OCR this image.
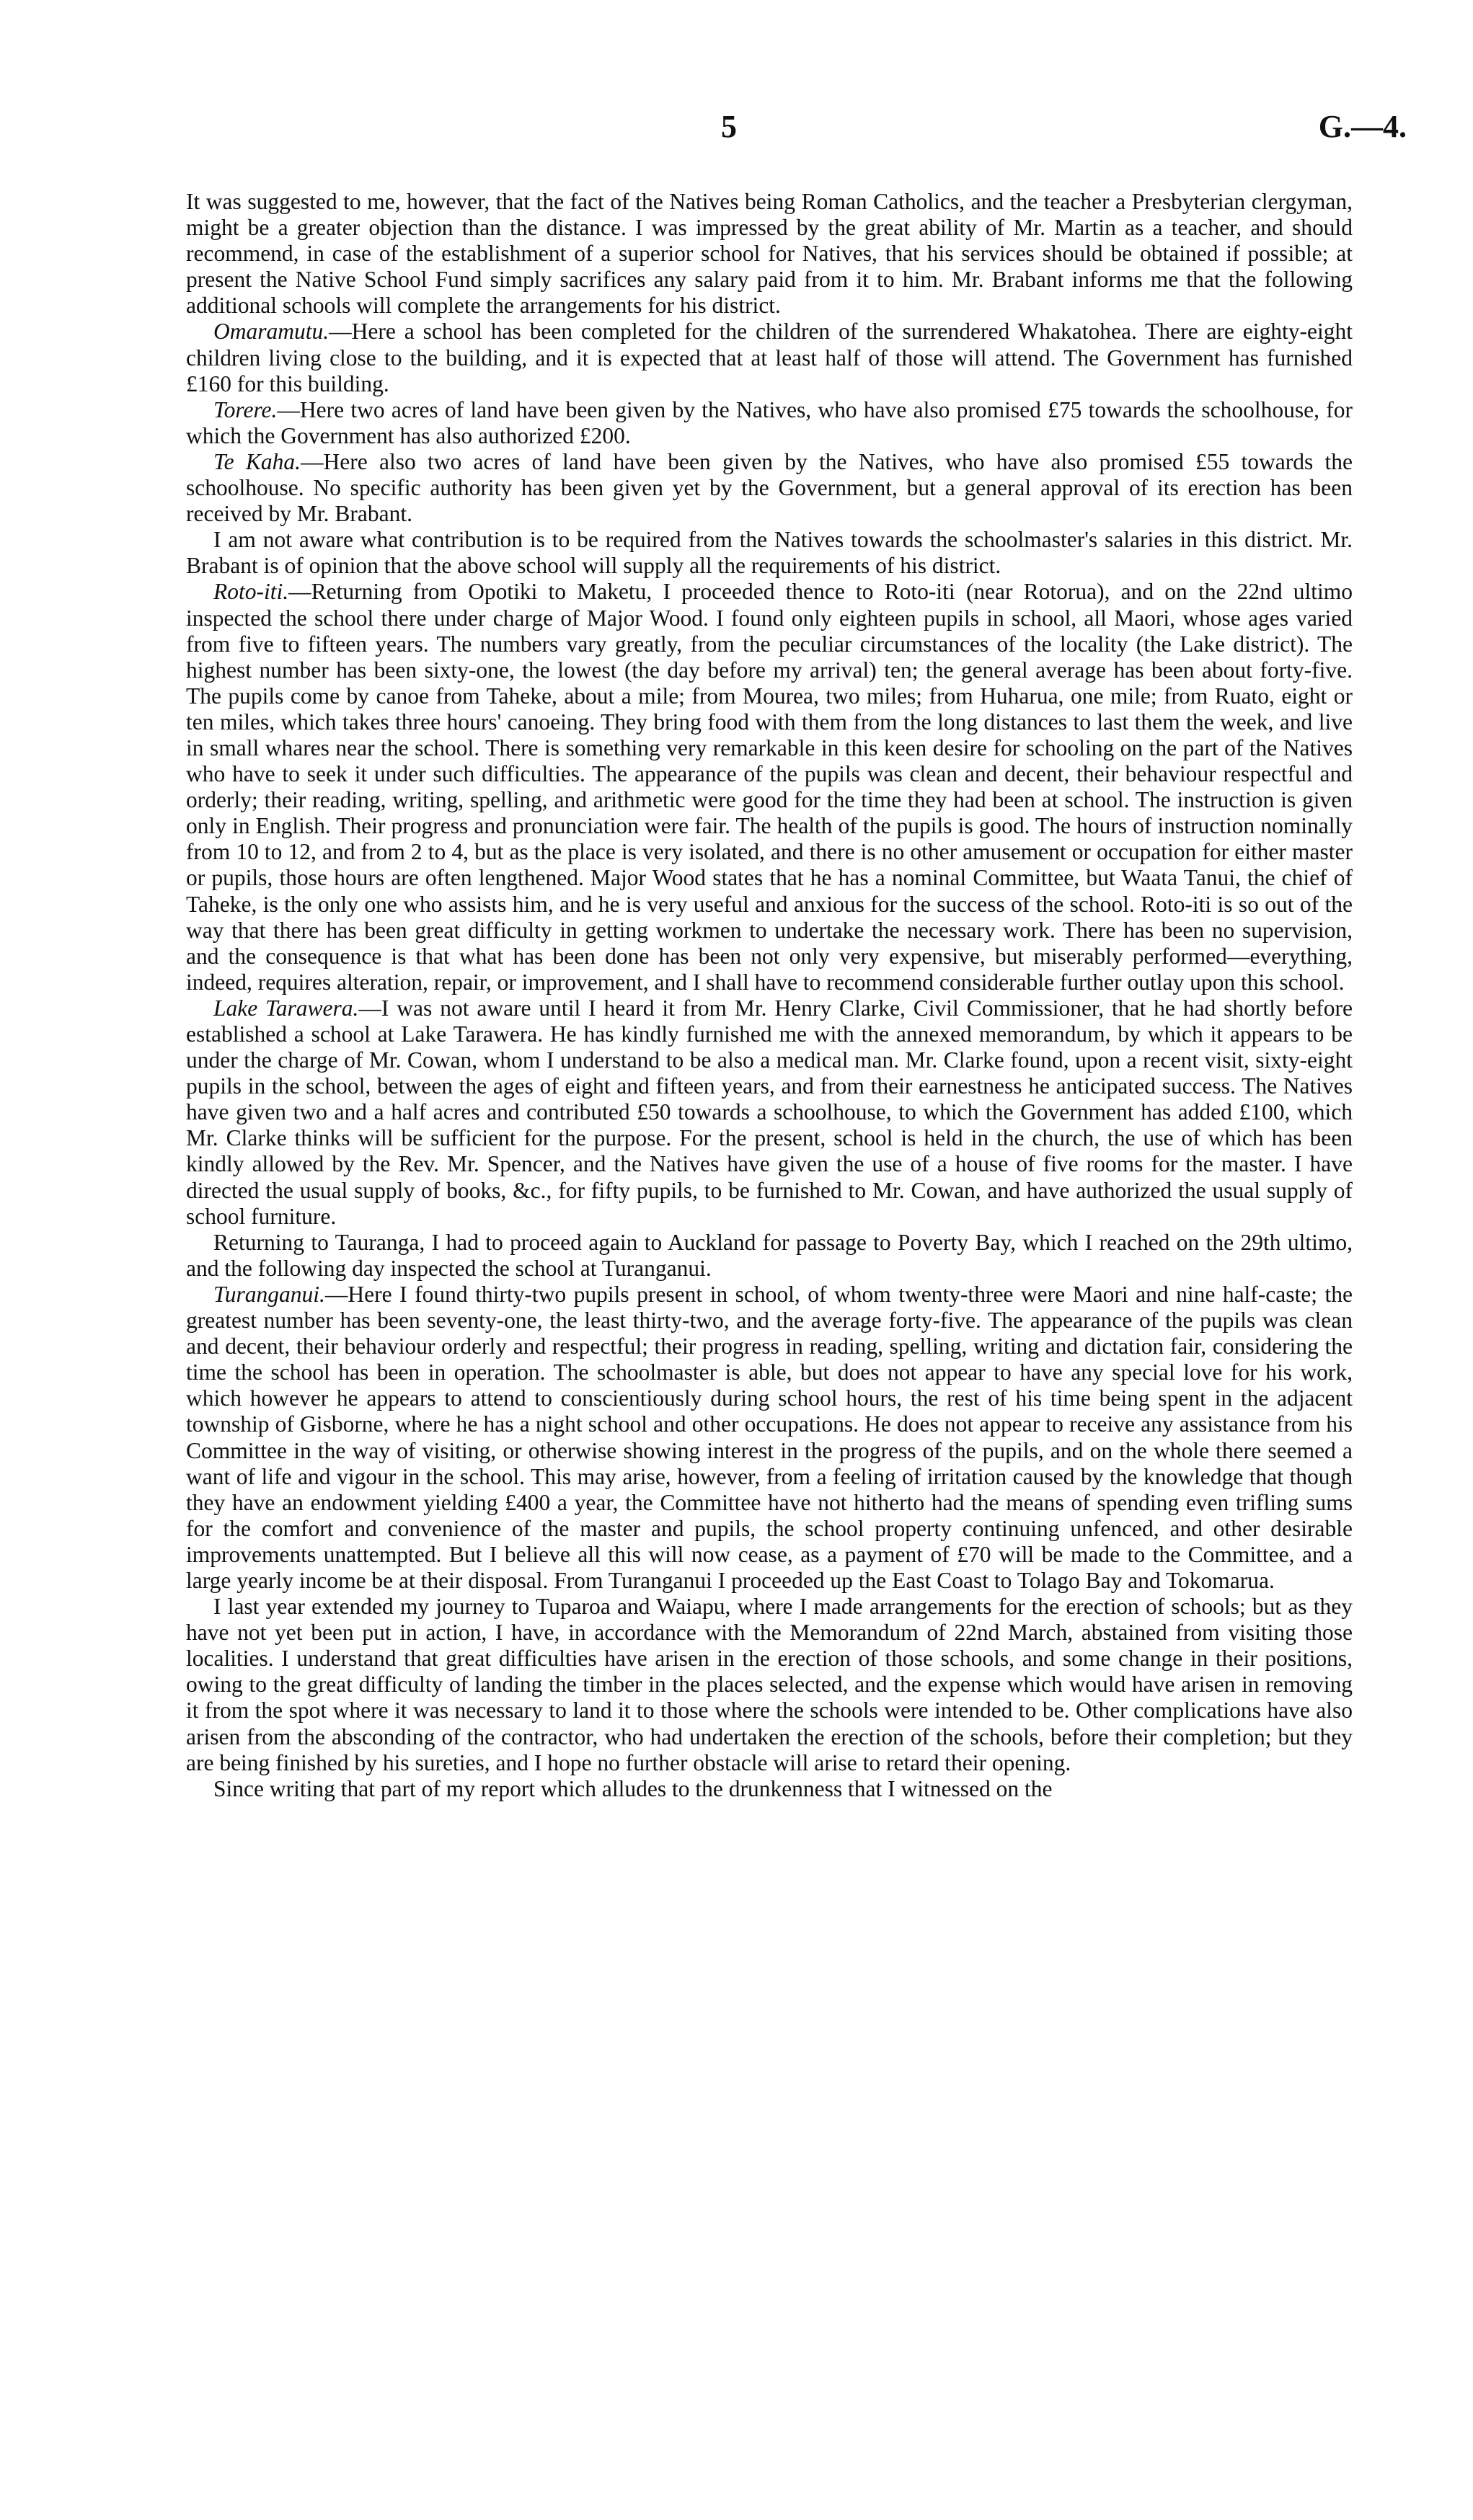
5	G.—4.

It was suggested to me, however, that the fact of the Natives being Roman Catholics, and the teacher a Presbyterian clergyman, might be a greater objection than the distance. I was impressed by the great ability of Mr. Martin as a teacher, and should recommend, in case of the establishment of a superior school for Natives, that his services should be obtained if possible; at present the Native School Fund simply sacrifices any salary paid from it to him. Mr. Brabant informs me that the following additional schools will complete the arrangements for his district.

Omaramutu.—Here a school has been completed for the children of the surrendered Whakatohea. There are eighty-eight children living close to the building, and it is expected that at least half of those will attend. The Government has furnished £160 for this building.

Torere.—Here two acres of land have been given by the Natives, who have also promised £75 towards the schoolhouse, for which the Government has also authorized £200.

Te Kaha.—Here also two acres of land have been given by the Natives, who have also promised £55 towards the schoolhouse. No specific authority has been given yet by the Government, but a general approval of its erection has been received by Mr. Brabant.

I am not aware what contribution is to be required from the Natives towards the schoolmaster's salaries in this district. Mr. Brabant is of opinion that the above school will supply all the requirements of his district.

Roto-iti.—Returning from Opotiki to Maketu, I proceeded thence to Roto-iti (near Rotorua), and on the 22nd ultimo inspected the school there under charge of Major Wood. I found only eighteen pupils in school, all Maori, whose ages varied from five to fifteen years. The numbers vary greatly, from the peculiar circumstances of the locality (the Lake district). The highest number has been sixty-one, the lowest (the day before my arrival) ten; the general average has been about forty-five. The pupils come by canoe from Taheke, about a mile; from Mourea, two miles; from Huharua, one mile; from Ruato, eight or ten miles, which takes three hours' canoeing. They bring food with them from the long distances to last them the week, and live in small whares near the school. There is something very remarkable in this keen desire for schooling on the part of the Natives who have to seek it under such difficulties. The appearance of the pupils was clean and decent, their behaviour respectful and orderly; their reading, writing, spelling, and arithmetic were good for the time they had been at school. The instruction is given only in English. Their progress and pronunciation were fair. The health of the pupils is good. The hours of instruction nominally from 10 to 12, and from 2 to 4, but as the place is very isolated, and there is no other amusement or occupation for either master or pupils, those hours are often lengthened. Major Wood states that he has a nominal Committee, but Waata Tanui, the chief of Taheke, is the only one who assists him, and he is very useful and anxious for the success of the school. Roto-iti is so out of the way that there has been great difficulty in getting workmen to undertake the necessary work. There has been no supervision, and the consequence is that what has been done has been not only very expensive, but miserably performed—everything, indeed, requires alteration, repair, or improvement, and I shall have to recommend considerable further outlay upon this school.

Lake Tarawera.—I was not aware until I heard it from Mr. Henry Clarke, Civil Commissioner, that he had shortly before established a school at Lake Tarawera. He has kindly furnished me with the annexed memorandum, by which it appears to be under the charge of Mr. Cowan, whom I understand to be also a medical man. Mr. Clarke found, upon a recent visit, sixty-eight pupils in the school, between the ages of eight and fifteen years, and from their earnestness he anticipated success. The Natives have given two and a half acres and contributed £50 towards a schoolhouse, to which the Government has added £100, which Mr. Clarke thinks will be sufficient for the purpose. For the present, school is held in the church, the use of which has been kindly allowed by the Rev. Mr. Spencer, and the Natives have given the use of a house of five rooms for the master. I have directed the usual supply of books, &c., for fifty pupils, to be furnished to Mr. Cowan, and have authorized the usual supply of school furniture.

Returning to Tauranga, I had to proceed again to Auckland for passage to Poverty Bay, which I reached on the 29th ultimo, and the following day inspected the school at Turanganui.

Turanganui.—Here I found thirty-two pupils present in school, of whom twenty-three were Maori and nine half-caste; the greatest number has been seventy-one, the least thirty-two, and the average forty-five. The appearance of the pupils was clean and decent, their behaviour orderly and respectful; their progress in reading, spelling, writing and dictation fair, considering the time the school has been in operation. The schoolmaster is able, but does not appear to have any special love for his work, which however he appears to attend to conscientiously during school hours, the rest of his time being spent in the adjacent township of Gisborne, where he has a night school and other occupations. He does not appear to receive any assistance from his Committee in the way of visiting, or otherwise showing interest in the progress of the pupils, and on the whole there seemed a want of life and vigour in the school. This may arise, however, from a feeling of irritation caused by the knowledge that though they have an endowment yielding £400 a year, the Committee have not hitherto had the means of spending even trifling sums for the comfort and convenience of the master and pupils, the school property continuing unfenced, and other desirable improvements unattempted. But I believe all this will now cease, as a payment of £70 will be made to the Committee, and a large yearly income be at their disposal. From Turanganui I proceeded up the East Coast to Tolago Bay and Tokomarua.

I last year extended my journey to Tuparoa and Waiapu, where I made arrangements for the erection of schools; but as they have not yet been put in action, I have, in accordance with the Memorandum of 22nd March, abstained from visiting those localities. I understand that great difficulties have arisen in the erection of those schools, and some change in their positions, owing to the great difficulty of landing the timber in the places selected, and the expense which would have arisen in removing it from the spot where it was necessary to land it to those where the schools were intended to be. Other complications have also arisen from the absconding of the contractor, who had undertaken the erection of the schools, before their completion; but they are being finished by his sureties, and I hope no further obstacle will arise to retard their opening.

Since writing that part of my report which alludes to the drunkenness that I witnessed on the
